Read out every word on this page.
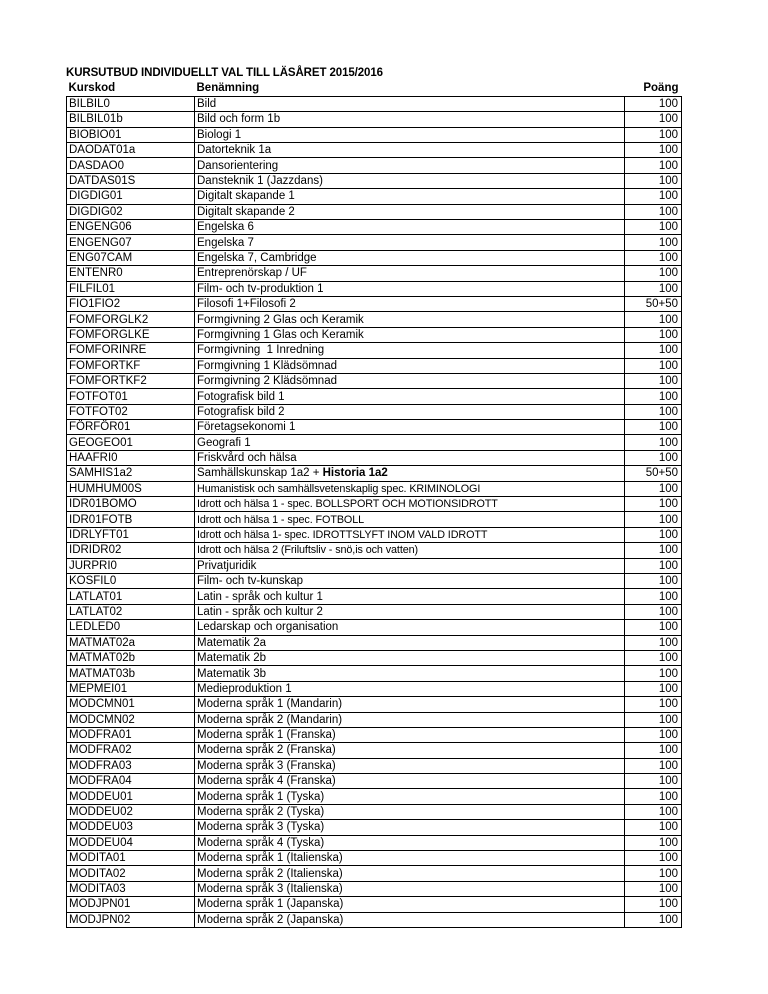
KURSUTBUD INDIVIDUELLT VAL TILL LÄSÅRET 2015/2016
Kurskod	Benämning	Poäng
BILBIL0	Bild	100
BILBIL01b	Bild och form 1b	100
BIOBIO01	Biologi 1	100
DAODAT01a	Datorteknik 1a	100
DASDAO0	Dansorientering	100
DATDAS01S	Dansteknik 1 (Jazzdans)	100
DIGDIG01	Digitalt skapande 1	100
DIGDIG02	Digitalt skapande 2	100
ENGENG06	Engelska 6	100
ENGENG07	Engelska 7	100
ENG07CAM	Engelska 7, Cambridge	100
ENTENR0	Entreprenörskap / UF	100
FILFIL01	Film- och tv-produktion 1	100
FIO1FIO2	Filosofi 1+Filosofi 2	50+50
FOMFORGLK2	Formgivning 2 Glas och Keramik	100
FOMFORGLKE	Formgivning 1 Glas och Keramik	100
FOMFORINRE	Formgivning  1 Inredning	100
FOMFORTKF	Formgivning 1 Klädsömnad	100
FOMFORTKF2	Formgivning 2 Klädsömnad	100
FOTFOT01	Fotografisk bild 1	100
FOTFOT02	Fotografisk bild 2	100
FÖRFÖR01	Företagsekonomi 1	100
GEOGEO01	Geografi 1	100
HAAFRI0	Friskvård och hälsa	100
SAMHIS1a2	Samhällskunskap 1a2 + Historia 1a2	50+50
HUMHUM00S	Humanistisk och samhällsvetenskaplig spec. KRIMINOLOGI	100
IDR01BOMO	Idrott och hälsa 1 - spec. BOLLSPORT OCH MOTIONSIDROTT	100
IDR01FOTB	Idrott och hälsa 1 - spec. FOTBOLL	100
IDRLYFT01	Idrott och hälsa 1- spec. IDROTTSLYFT INOM VALD IDROTT	100
IDRIDR02	Idrott och hälsa 2 (Friluftsliv - snö,is och vatten)	100
JURPRI0	Privatjuridik	100
KOSFIL0	Film- och tv-kunskap	100
LATLAT01	Latin - språk och kultur 1	100
LATLAT02	Latin - språk och kultur 2	100
LEDLED0	Ledarskap och organisation	100
MATMAT02a	Matematik 2a	100
MATMAT02b	Matematik 2b	100
MATMAT03b	Matematik 3b	100
MEPMEI01	Medieproduktion 1	100
MODCMN01	Moderna språk 1 (Mandarin)	100
MODCMN02	Moderna språk 2 (Mandarin)	100
MODFRA01	Moderna språk 1 (Franska)	100
MODFRA02	Moderna språk 2 (Franska)	100
MODFRA03	Moderna språk 3 (Franska)	100
MODFRA04	Moderna språk 4 (Franska)	100
MODDEU01	Moderna språk 1 (Tyska)	100
MODDEU02	Moderna språk 2 (Tyska)	100
MODDEU03	Moderna språk 3 (Tyska)	100
MODDEU04	Moderna språk 4 (Tyska)	100
MODITA01	Moderna språk 1 (Italienska)	100
MODITA02	Moderna språk 2 (Italienska)	100
MODITA03	Moderna språk 3 (Italienska)	100
MODJPN01	Moderna språk 1 (Japanska)	100
MODJPN02	Moderna språk 2 (Japanska)	100
